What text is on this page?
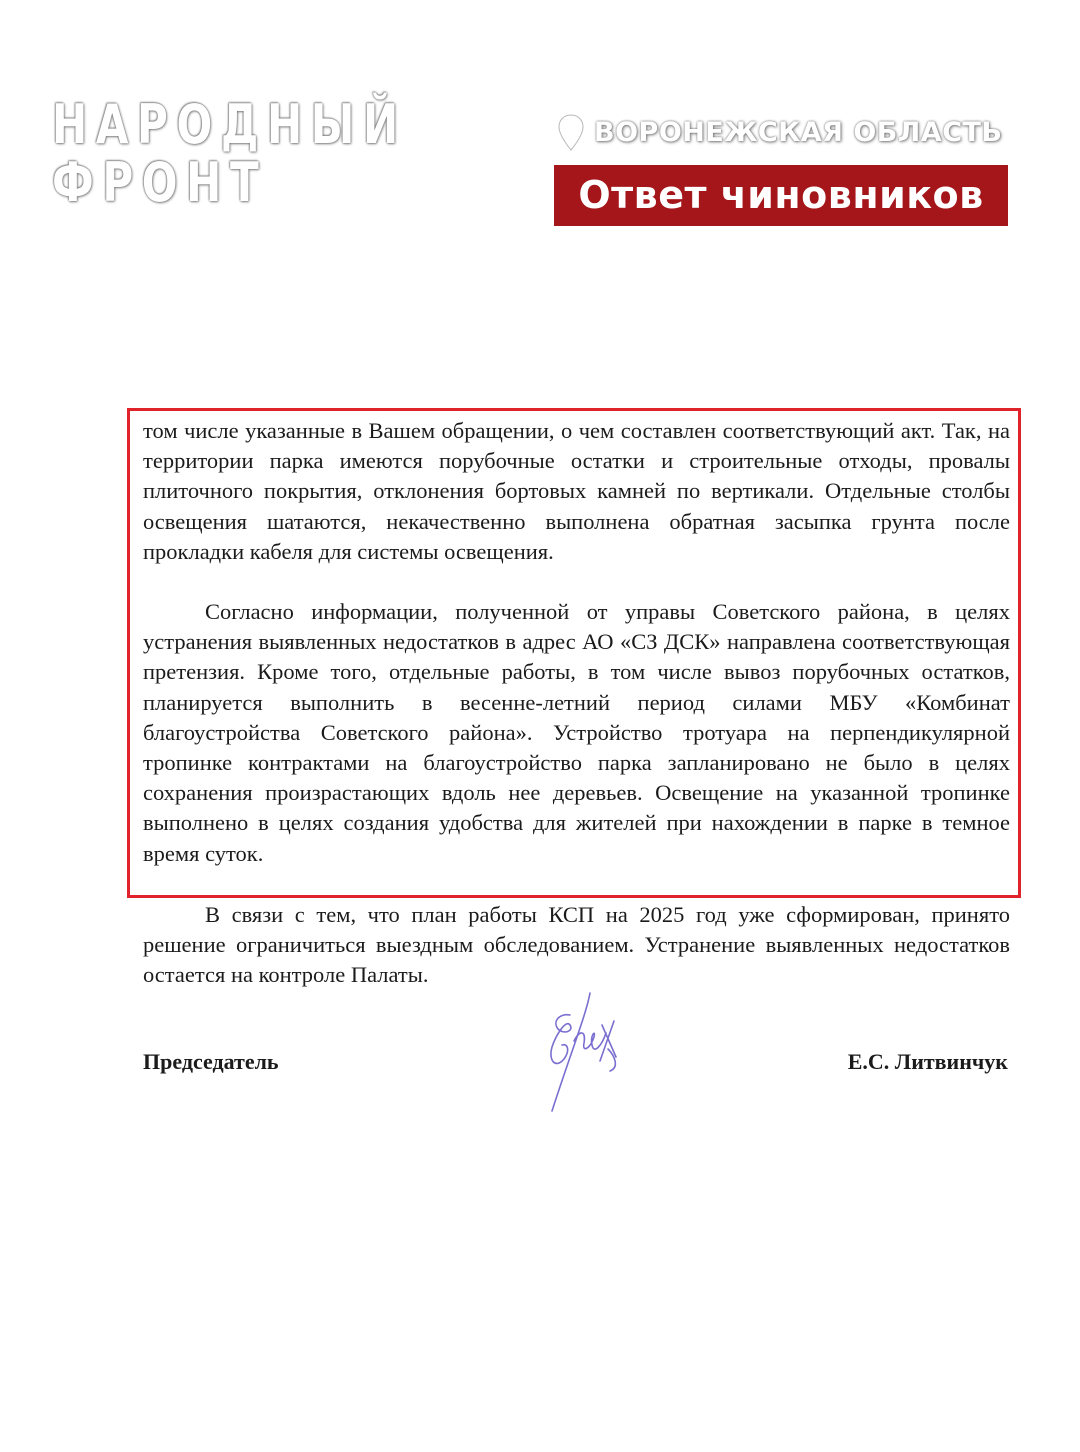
НАРОДНЫЙ
ФРОНТ
ВОРОНЕЖСКАЯ ОБЛАСТЬ
Ответ чиновников

том числе указанные в Вашем обращении, о чем составлен соответствующий акт. Так, на территории парка имеются порубочные остатки и строительные отходы, провалы плиточного покрытия, отклонения бортовых камней по вертикали. Отдельные столбы освещения шатаются, некачественно выполнена обратная засыпка грунта после прокладки кабеля для системы освещения.

Согласно информации, полученной от управы Советского района, в целях устранения выявленных недостатков в адрес АО «СЗ ДСК» направлена соответствующая претензия. Кроме того, отдельные работы, в том числе вывоз порубочных остатков, планируется выполнить в весенне-летний период силами МБУ «Комбинат благоустройства Советского района». Устройство тротуара на перпендикулярной тропинке контрактами на благоустройство парка запланировано не было в целях сохранения произрастающих вдоль нее деревьев. Освещение на указанной тропинке выполнено в целях создания удобства для жителей при нахождении в парке в темное время суток.

В связи с тем, что план работы КСП на 2025 год уже сформирован, принято решение ограничиться выездным обследованием. Устранение выявленных недостатков остается на контроле Палаты.

Председатель	Е.С. Литвинчук
